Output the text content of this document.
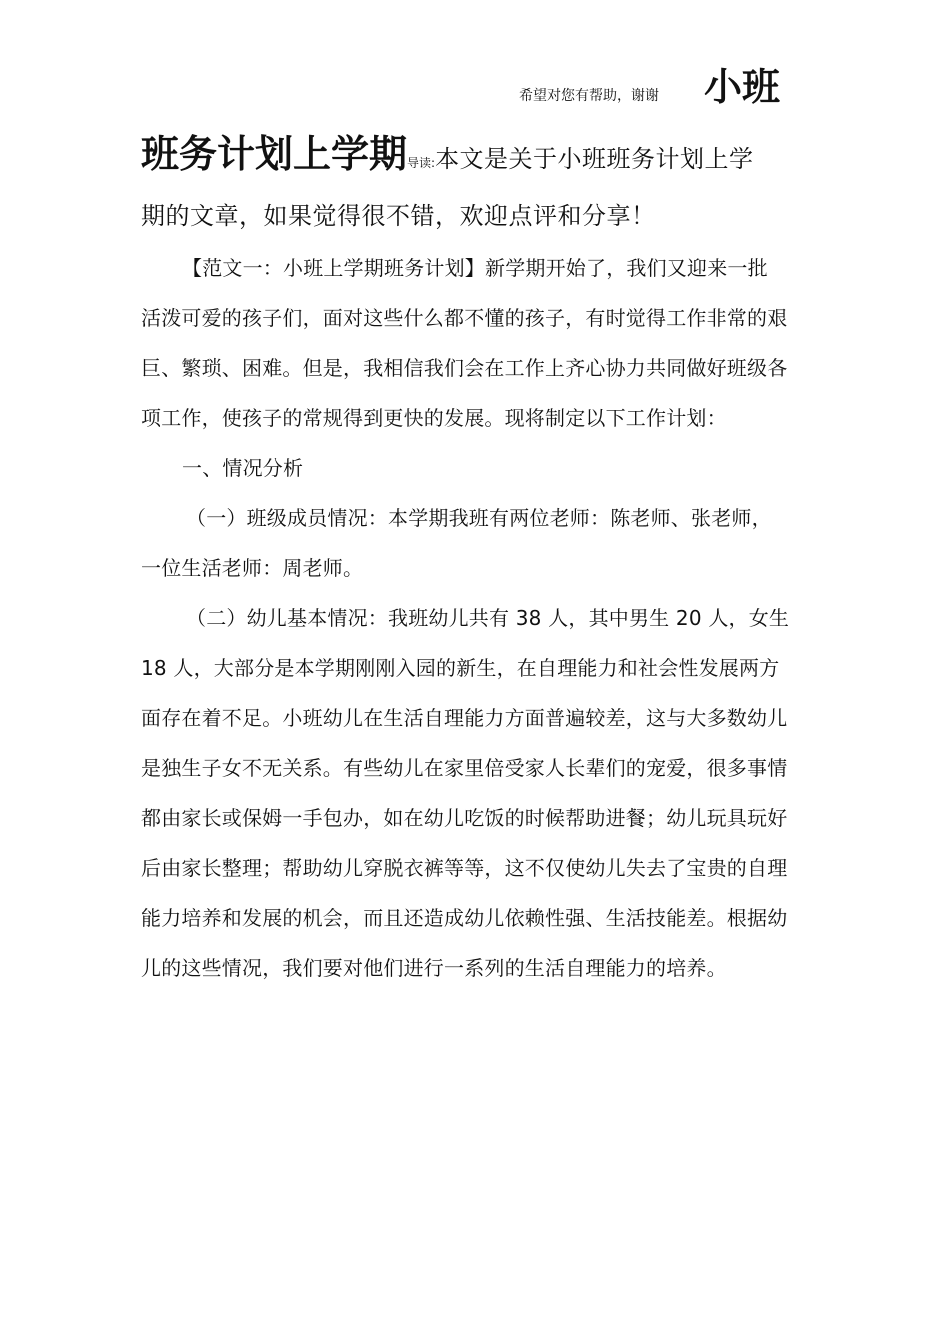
希望对您有帮助，谢谢 小班
班务计划上学期导读:本文是关于小班班务计划上学
期的文章，如果觉得很不错，欢迎点评和分享！
【范文一：小班上学期班务计划】新学期开始了，我们又迎来一批
活泼可爱的孩子们，面对这些什么都不懂的孩子，有时觉得工作非常的艰
巨、繁琐、困难。但是，我相信我们会在工作上齐心协力共同做好班级各
项工作，使孩子的常规得到更快的发展。现将制定以下工作计划：
一、情况分析
（一）班级成员情况：本学期我班有两位老师：陈老师、张老师，
一位生活老师：周老师。
（二）幼儿基本情况：我班幼儿共有 38 人，其中男生 20 人，女生
18 人，大部分是本学期刚刚入园的新生，在自理能力和社会性发展两方
面存在着不足。小班幼儿在生活自理能力方面普遍较差，这与大多数幼儿
是独生子女不无关系。有些幼儿在家里倍受家人长辈们的宠爱，很多事情
都由家长或保姆一手包办，如在幼儿吃饭的时候帮助进餐；幼儿玩具玩好
后由家长整理；帮助幼儿穿脱衣裤等等，这不仅使幼儿失去了宝贵的自理
能力培养和发展的机会，而且还造成幼儿依赖性强、生活技能差。根据幼
儿的这些情况，我们要对他们进行一系列的生活自理能力的培养。
